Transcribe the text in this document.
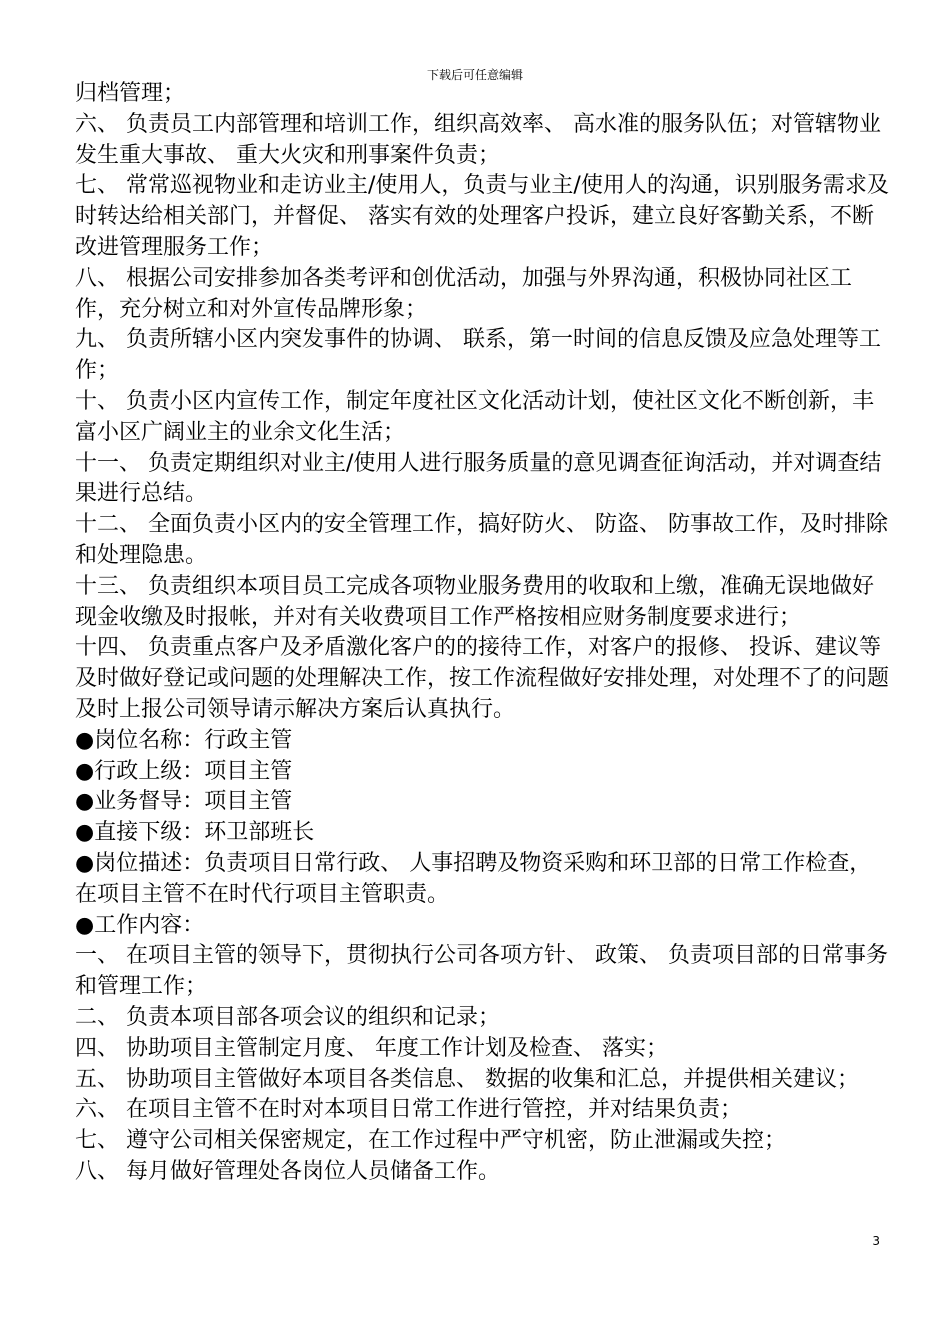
下载后可任意编辑

归档管理；

六、 负责员工内部管理和培训工作，组织高效率、 高水准的服务队伍；对管辖物业发生重大事故、 重大火灾和刑事案件负责；

七、 常常巡视物业和走访业主/使用人，负责与业主/使用人的沟通，识别服务需求及时转达给相关部门，并督促、 落实有效的处理客户投诉，建立良好客勤关系，不断改进管理服务工作；

八、 根据公司安排参加各类考评和创优活动，加强与外界沟通，积极协同社区工作，充分树立和对外宣传品牌形象；

九、 负责所辖小区内突发事件的协调、 联系，第一时间的信息反馈及应急处理等工作；

十、 负责小区内宣传工作，制定年度社区文化活动计划，使社区文化不断创新，丰富小区广阔业主的业余文化生活；

十一、 负责定期组织对业主/使用人进行服务质量的意见调查征询活动，并对调查结果进行总结。

十二、 全面负责小区内的安全管理工作，搞好防火、 防盗、 防事故工作，及时排除和处理隐患。

十三、 负责组织本项目员工完成各项物业服务费用的收取和上缴，准确无误地做好现金收缴及时报帐，并对有关收费项目工作严格按相应财务制度要求进行；

十四、 负责重点客户及矛盾激化客户的的接待工作，对客户的报修、 投诉、建议等及时做好登记或问题的处理解决工作，按工作流程做好安排处理，对处理不了的问题及时上报公司领导请示解决方案后认真执行。

●岗位名称：行政主管

●行政上级：项目主管

●业务督导：项目主管

●直接下级：环卫部班长

●岗位描述：负责项目日常行政、 人事招聘及物资采购和环卫部的日常工作检查，在项目主管不在时代行项目主管职责。

●工作内容：

一、 在项目主管的领导下，贯彻执行公司各项方针、 政策、 负责项目部的日常事务和管理工作；

二、 负责本项目部各项会议的组织和记录；

四、 协助项目主管制定月度、 年度工作计划及检查、 落实；

五、 协助项目主管做好本项目各类信息、 数据的收集和汇总，并提供相关建议；

六、 在项目主管不在时对本项目日常工作进行管控，并对结果负责；

七、 遵守公司相关保密规定，在工作过程中严守机密，防止泄漏或失控；

八、 每月做好管理处各岗位人员储备工作。

3
